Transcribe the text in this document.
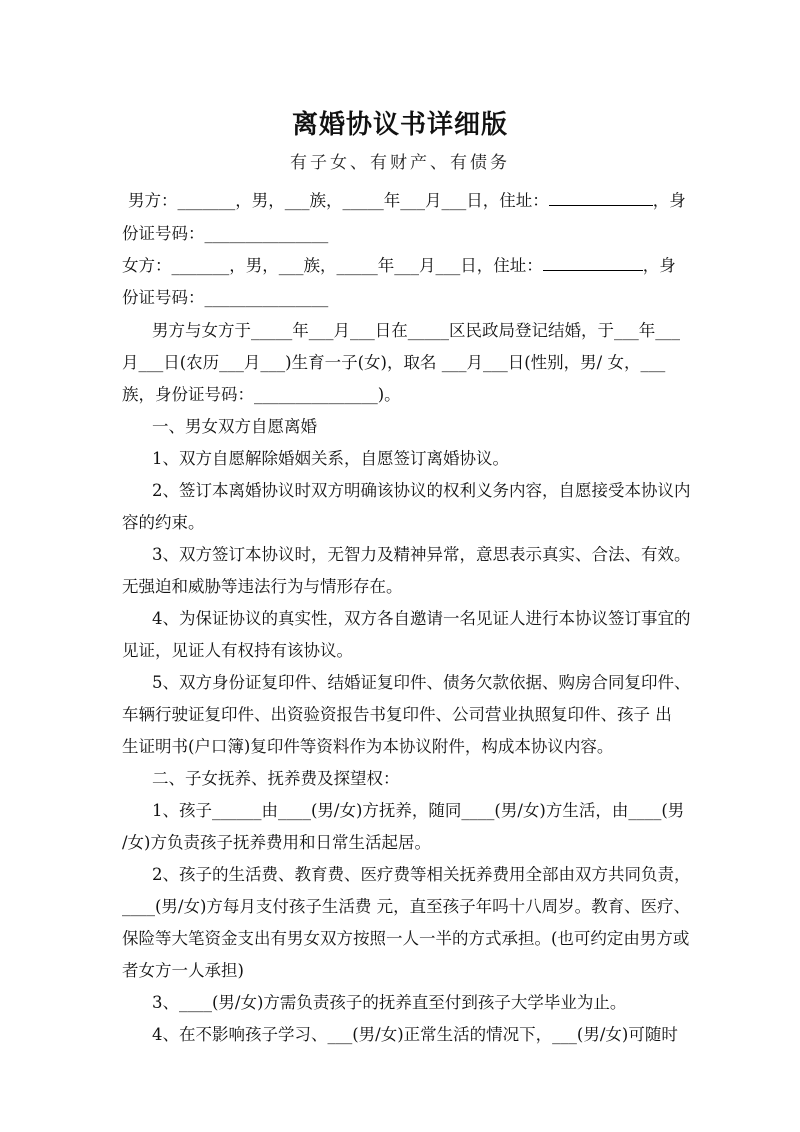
离婚协议书详细版
有子女、有财产、有债务
男方：_______，男，___族，_____年___月___日，住址：	，身
份证号码：_______________
女方：_______，男，___族，_____年___月___日，住址：	，身
份证号码：_______________
男方与女方于_____年___月___日在_____区民政局登记结婚，于___年___
月___日(农历___月___)生育一子(女)，取名 ___月___日(性别，男/ 女，___
族，身份证号码：_______________)。
一、男女双方自愿离婚
1、双方自愿解除婚姻关系，自愿签订离婚协议。
2、签订本离婚协议时双方明确该协议的权利义务内容，自愿接受本协议内
容的约束。
3、双方签订本协议时，无智力及精神异常，意思表示真实、合法、有效。
无强迫和威胁等违法行为与情形存在。
4、为保证协议的真实性，双方各自邀请一名见证人进行本协议签订事宜的
见证，见证人有权持有该协议。
5、双方身份证复印件、结婚证复印件、债务欠款依据、购房合同复印件、
车辆行驶证复印件、出资验资报告书复印件、公司营业执照复印件、孩子 出
生证明书(户口簿)复印件等资料作为本协议附件，构成本协议内容。
二、子女抚养、抚养费及探望权：
1、孩子______由____(男/女)方抚养，随同____(男/女)方生活，由____(男
/女)方负责孩子抚养费用和日常生活起居。
2、孩子的生活费、教育费、医疗费等相关抚养费用全部由双方共同负责，
____(男/女)方每月支付孩子生活费 元，直至孩子年吗十八周岁。教育、医疗、
保险等大笔资金支出有男女双方按照一人一半的方式承担。(也可约定由男方或
者女方一人承担)
3、____(男/女)方需负责孩子的抚养直至付到孩子大学毕业为止。
4、在不影响孩子学习、___(男/女)正常生活的情况下，___(男/女)可随时
